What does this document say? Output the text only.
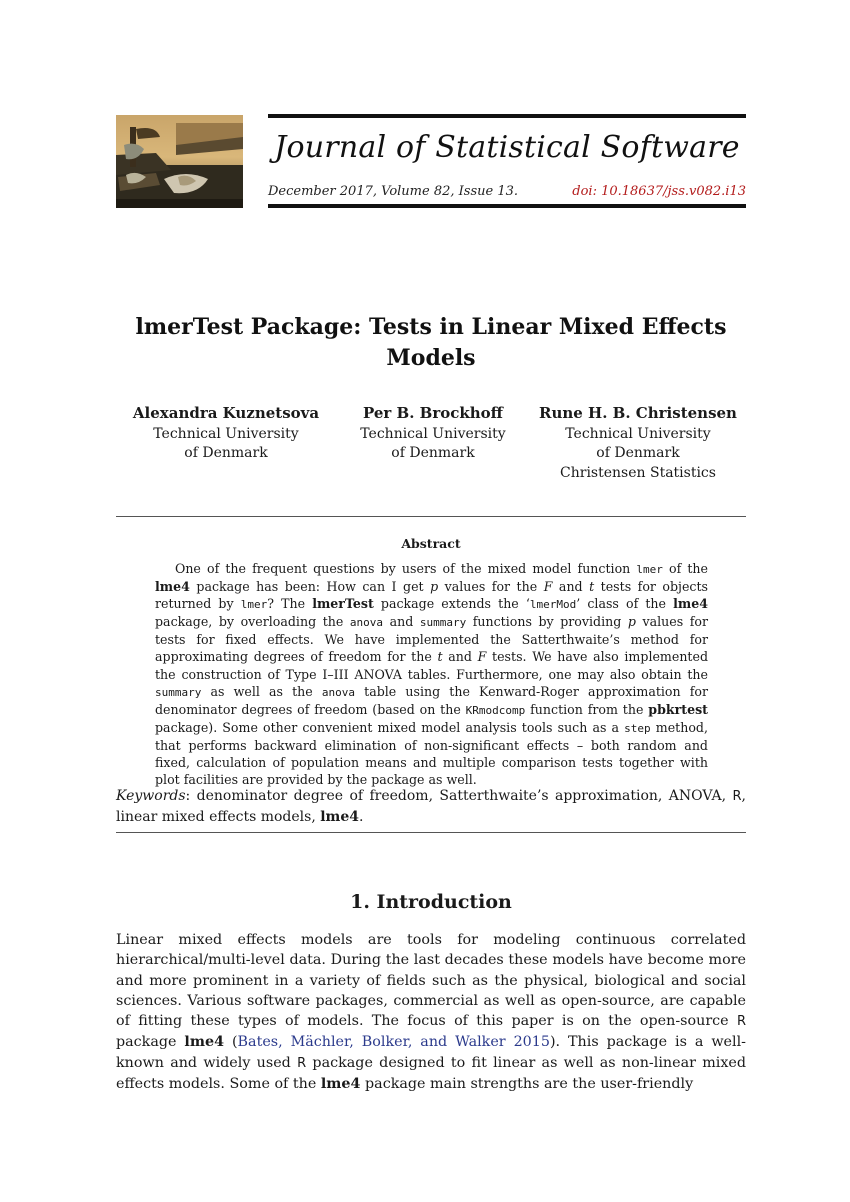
Journal of Statistical Software
December 2017, Volume 82, Issue 13.	doi: 10.18637/jss.v082.i13
lmerTest Package: Tests in Linear Mixed Effects Models
Alexandra Kuznetsova
Technical University
of Denmark
Per B. Brockhoff
Technical University
of Denmark
Rune H. B. Christensen
Technical University
of Denmark
Christensen Statistics
Abstract
One of the frequent questions by users of the mixed model function lmer of the lme4 package has been: How can I get p values for the F and t tests for objects returned by lmer? The lmerTest package extends the ‘lmerMod’ class of the lme4 package, by overloading the anova and summary functions by providing p values for tests for fixed effects. We have implemented the Satterthwaite’s method for approximating degrees of freedom for the t and F tests. We have also implemented the construction of Type I–III ANOVA tables. Furthermore, one may also obtain the summary as well as the anova table using the Kenward-Roger approximation for denominator degrees of freedom (based on the KRmodcomp function from the pbkrtest package). Some other convenient mixed model analysis tools such as a step method, that performs backward elimination of non-significant effects – both random and fixed, calculation of population means and multiple comparison tests together with plot facilities are provided by the package as well.
Keywords: denominator degree of freedom, Satterthwaite’s approximation, ANOVA, R, linear mixed effects models, lme4.
1. Introduction
Linear mixed effects models are tools for modeling continuous correlated hierarchical/multi-level data. During the last decades these models have become more and more prominent in a variety of fields such as the physical, biological and social sciences. Various software packages, commercial as well as open-source, are capable of fitting these types of models. The focus of this paper is on the open-source R package lme4 (Bates, Mächler, Bolker, and Walker 2015). This package is a well-known and widely used R package designed to fit linear as well as non-linear mixed effects models. Some of the lme4 package main strengths are the user-friendly
